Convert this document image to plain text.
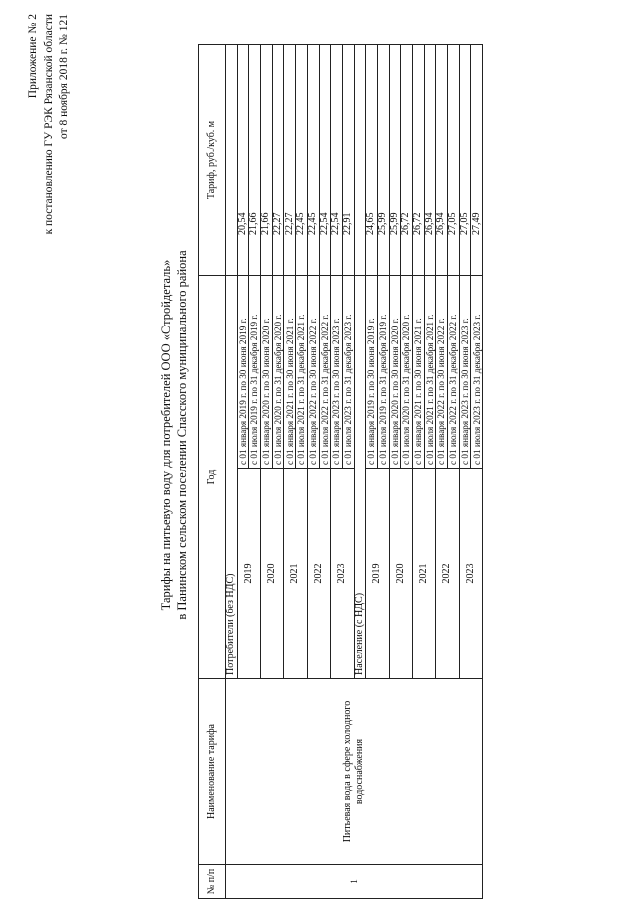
Приложение № 2 к постановлению ГУ РЭК Рязанской области от 8 ноября 2018 г. № 121
Тарифы на питьевую воду для потребителей ООО «Стройдеталь» в Панинском сельском поселении Спасского муниципального района
№ п/п	Наименование тарифа	Год		Тариф, руб./куб. м
1	Питьевая вода в сфере холодного водоснабжения	Потребители (без НДС)		
		2019	с 01 января 2019 г. по 30 июня 2019 г.	20,54
			с 01 июля 2019 г. по 31 декабря 2019 г.	21,66
		2020	с 01 января 2020 г. по 30 июня 2020 г.	21,66
			с 01 июля 2020 г. по 31 декабря 2020 г.	22,27
		2021	с 01 января 2021 г. по 30 июня 2021 г.	22,27
			с 01 июля 2021 г. по 31 декабря 2021 г.	22,45
		2022	с 01 января 2022 г. по 30 июня 2022 г.	22,45
			с 01 июля 2022 г. по 31 декабря 2022 г.	22,54
		2023	с 01 января 2023 г. по 30 июня 2023 г.	22,54
			с 01 июля 2023 г. по 31 декабря 2023 г.	22,91
		Население (с НДС)		
		2019	с 01 января 2019 г. по 30 июня 2019 г.	24,65
			с 01 июля 2019 г. по 31 декабря 2019 г.	25,99
		2020	с 01 января 2020 г. по 30 июня 2020 г.	25,99
			с 01 июля 2020 г. по 31 декабря 2020 г.	26,72
		2021	с 01 января 2021 г. по 30 июня 2021 г.	26,72
			с 01 июля 2021 г. по 31 декабря 2021 г.	26,94
		2022	с 01 января 2022 г. по 30 июня 2022 г.	26,94
			с 01 июля 2022 г. по 31 декабря 2022 г.	27,05
		2023	с 01 января 2023 г. по 30 июня 2023 г.	27,05
			с 01 июля 2023 г. по 31 декабря 2023 г.	27,49
